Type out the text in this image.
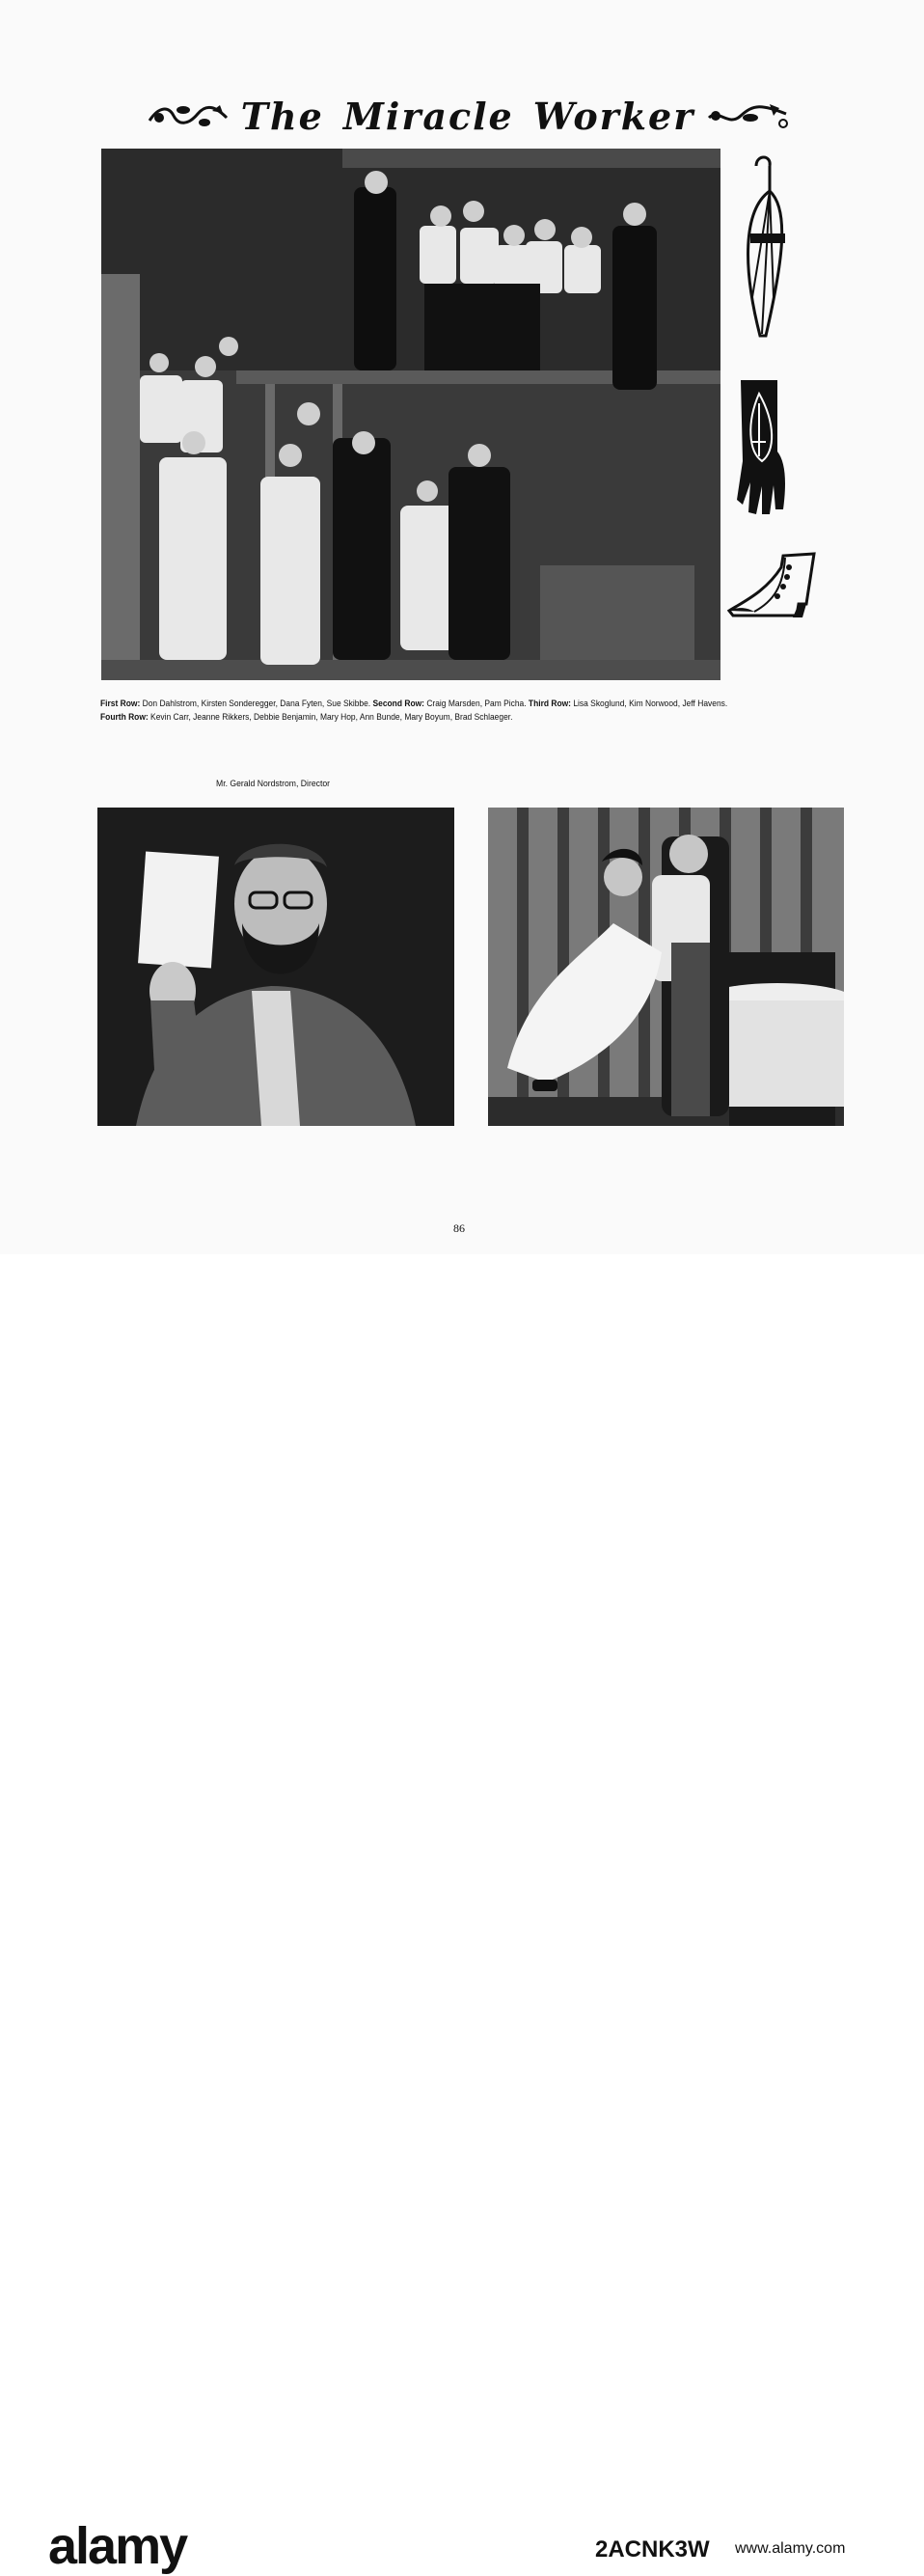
The Miracle Worker
First Row: Don Dahlstrom, Kirsten Sonderegger, Dana Fyten, Sue Skibbe. Second Row: Craig Marsden, Pam Picha. Third Row: Lisa Skoglund, Kim Norwood, Jeff Havens. Fourth Row: Kevin Carr, Jeanne Rikkers, Debbie Benjamin, Mary Hop, Ann Bunde, Mary Boyum, Brad Schlaeger.
Mr. Gerald Nordstrom, Director
86
alamy	2ACNK3W www.alamy.com
